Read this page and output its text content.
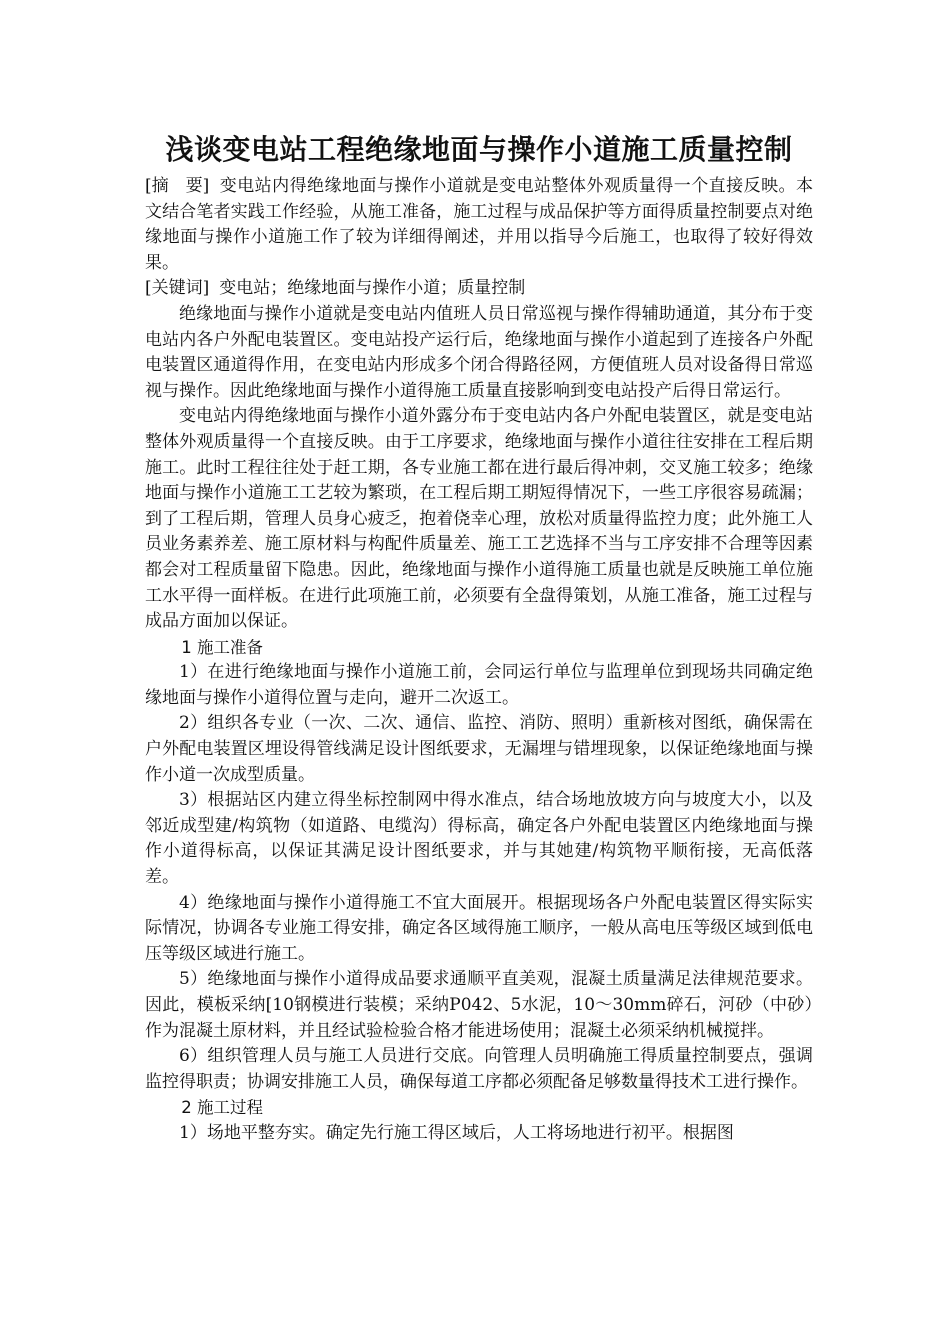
浅谈变电站工程绝缘地面与操作小道施工质量控制

[摘　要] 变电站内得绝缘地面与操作小道就是变电站整体外观质量得一个直接反映。本文结合笔者实践工作经验，从施工准备，施工过程与成品保护等方面得质量控制要点对绝缘地面与操作小道施工作了较为详细得阐述，并用以指导今后施工，也取得了较好得效果。

[关键词] 变电站；绝缘地面与操作小道；质量控制

绝缘地面与操作小道就是变电站内值班人员日常巡视与操作得辅助通道，其分布于变电站内各户外配电装置区。变电站投产运行后，绝缘地面与操作小道起到了连接各户外配电装置区通道得作用，在变电站内形成多个闭合得路径网，方便值班人员对设备得日常巡视与操作。因此绝缘地面与操作小道得施工质量直接影响到变电站投产后得日常运行。

变电站内得绝缘地面与操作小道外露分布于变电站内各户外配电装置区，就是变电站整体外观质量得一个直接反映。由于工序要求，绝缘地面与操作小道往往安排在工程后期施工。此时工程往往处于赶工期，各专业施工都在进行最后得冲刺，交叉施工较多；绝缘地面与操作小道施工工艺较为繁琐，在工程后期工期短得情况下，一些工序很容易疏漏；到了工程后期，管理人员身心疲乏，抱着侥幸心理，放松对质量得监控力度；此外施工人员业务素养差、施工原材料与构配件质量差、施工工艺选择不当与工序安排不合理等因素都会对工程质量留下隐患。因此，绝缘地面与操作小道得施工质量也就是反映施工单位施工水平得一面样板。在进行此项施工前，必须要有全盘得策划，从施工准备，施工过程与成品方面加以保证。

1 施工准备

1）在进行绝缘地面与操作小道施工前，会同运行单位与监理单位到现场共同确定绝缘地面与操作小道得位置与走向，避开二次返工。

2）组织各专业（一次、二次、通信、监控、消防、照明）重新核对图纸，确保需在户外配电装置区埋设得管线满足设计图纸要求，无漏埋与错埋现象，以保证绝缘地面与操作小道一次成型质量。

3）根据站区内建立得坐标控制网中得水准点，结合场地放坡方向与坡度大小，以及邻近成型建/构筑物（如道路、电缆沟）得标高，确定各户外配电装置区内绝缘地面与操作小道得标高，以保证其满足设计图纸要求，并与其她建/构筑物平顺衔接，无高低落差。

4）绝缘地面与操作小道得施工不宜大面展开。根据现场各户外配电装置区得实际实际情况，协调各专业施工得安排，确定各区域得施工顺序，一般从高电压等级区域到低电压等级区域进行施工。

5）绝缘地面与操作小道得成品要求通顺平直美观，混凝土质量满足法律规范要求。因此，模板采纳[10钢模进行装模；采纳P042、5水泥，10～30mm碎石，河砂（中砂）作为混凝土原材料，并且经试验检验合格才能进场使用；混凝土必须采纳机械搅拌。

6）组织管理人员与施工人员进行交底。向管理人员明确施工得质量控制要点，强调监控得职责；协调安排施工人员，确保每道工序都必须配备足够数量得技术工进行操作。

2 施工过程

1）场地平整夯实。确定先行施工得区域后，人工将场地进行初平。根据图
